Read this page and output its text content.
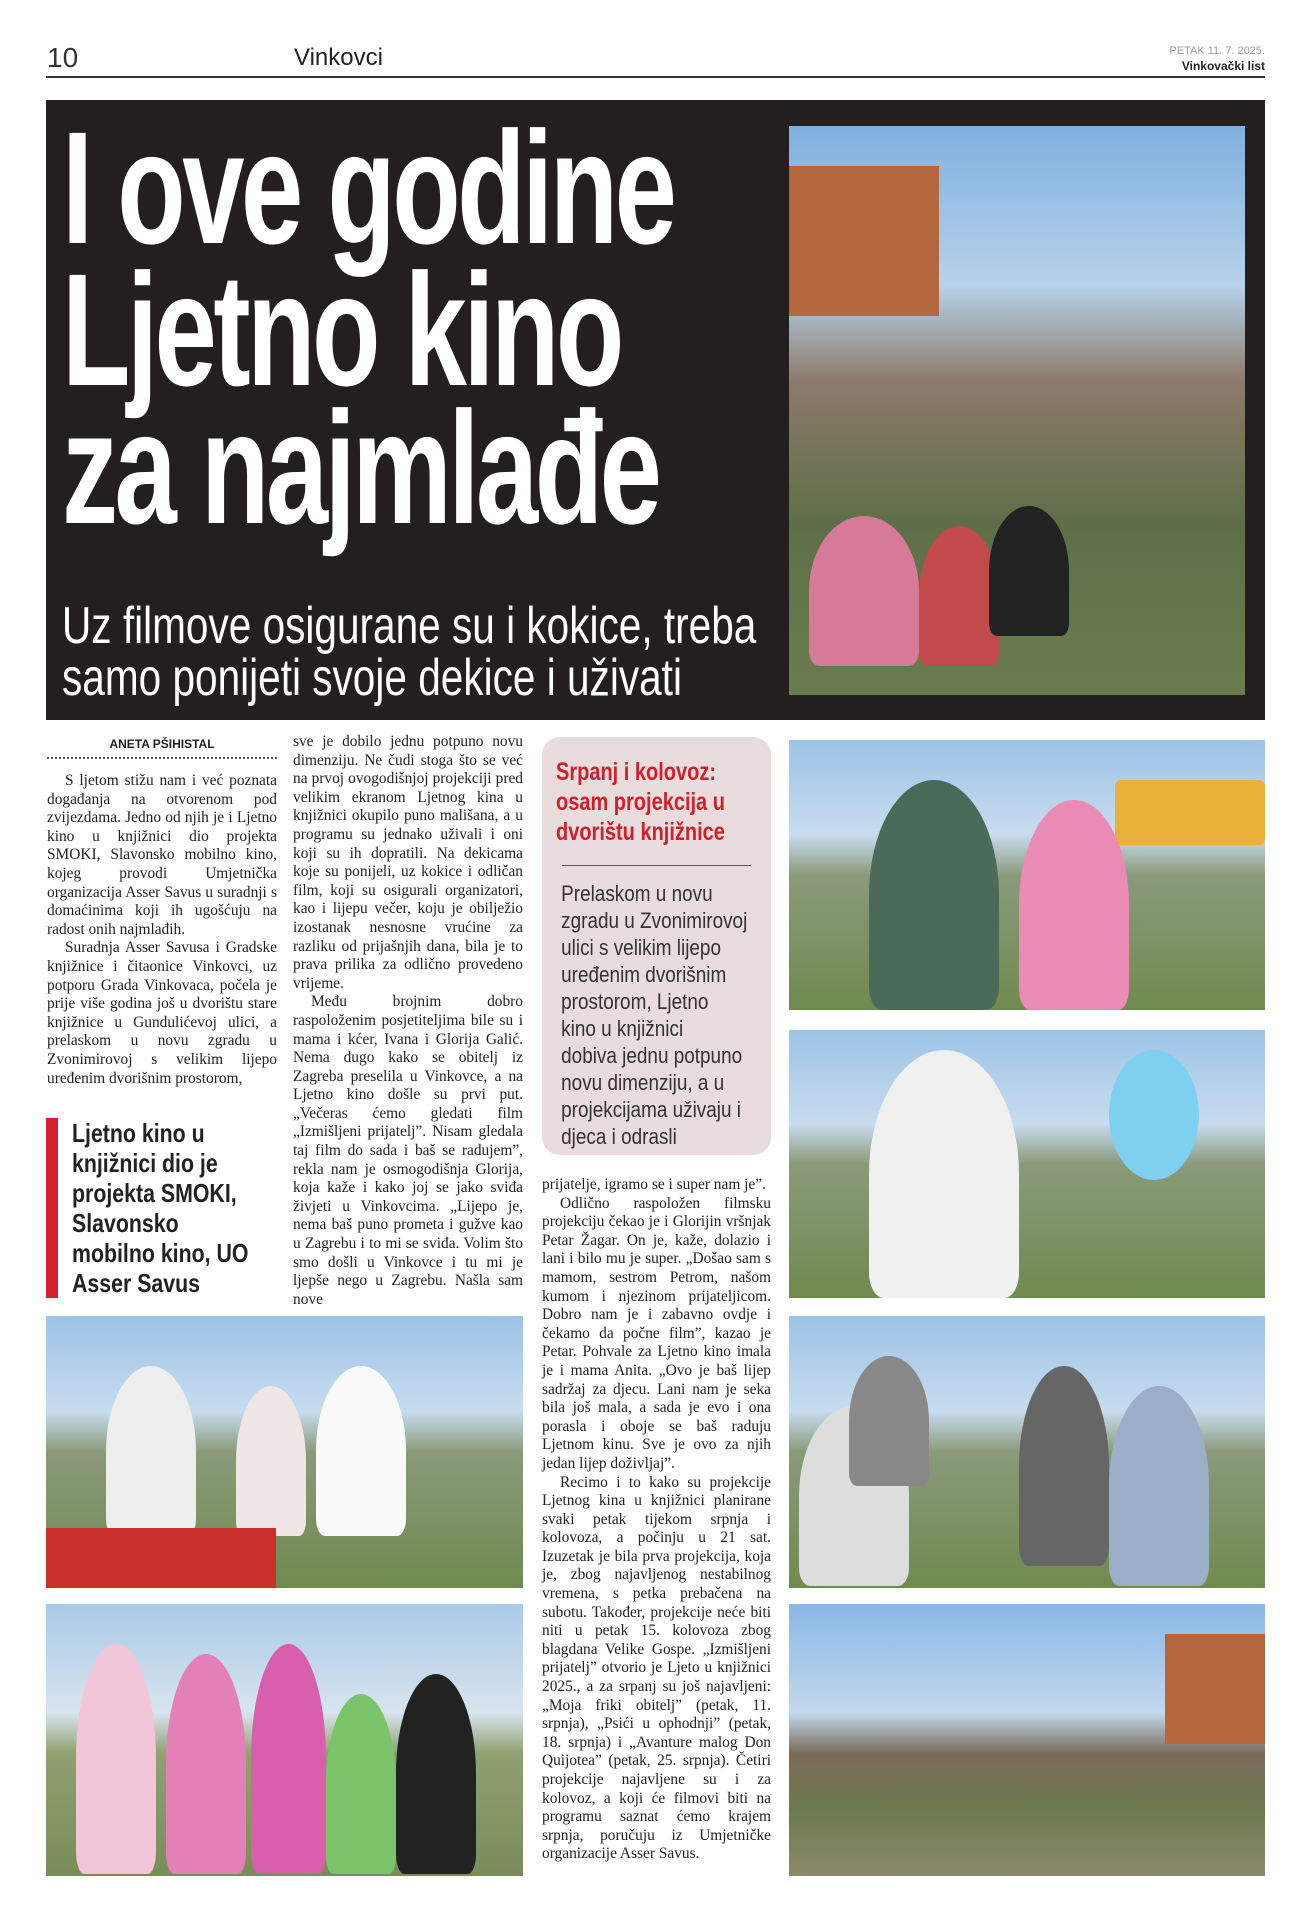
10	Vinkovci	PETAK 11. 7. 2025.
Vinkovački list
I ove godine
Ljetno kino
za najmlađe
Uz filmove osigurane su i kokice, treba
samo ponijeti svoje dekice i uživati
ANETA PŠIHISTAL

S ljetom stižu nam i već poznata događanja na otvorenom pod zvijezdama. Jedno od njih je i Ljetno kino u knjižnici dio projekta SMOKI, Slavonsko mobilno kino, kojeg provodi Umjetnička organizacija Asser Savus u suradnji s domaćinima koji ih ugošćuju na radost onih najmlađih.

Suradnja Asser Savusa i Gradske knjižnice i čitaonice Vinkovci, uz potporu Grada Vinkovaca, počela je prije više godina još u dvorištu stare knjižnice u Gundulićevoj ulici, a prelaskom u novu zgradu u Zvonimirovoj s velikim lijepo uređenim dvorišnim prostorom,

Ljetno kino u
knjižnici dio je
projekta SMOKI,
Slavonsko
mobilno kino, UO
Asser Savus

sve je dobilo jednu potpuno novu dimenziju. Ne čudi stoga što se već na prvoj ovogodišnjoj projekciji pred velikim ekranom Ljetnog kina u knjižnici okupilo puno mališana, a u programu su jednako uživali i oni koji su ih dopratili. Na dekicama koje su ponijeli, uz kokice i odličan film, koji su osigurali organizatori, kao i lijepu večer, koju je obilježio izostanak nesnosne vrućine za razliku od prijašnjih dana, bila je to prava prilika za odlično provedeno vrijeme.

Među brojnim dobro raspoloženim posjetiteljima bile su i mama i kćer, Ivana i Glorija Galić. Nema dugo kako se obitelj iz Zagreba preselila u Vinkovce, a na Ljetno kino došle su prvi put. „Večeras ćemo gledati film „Izmišljeni prijatelj”. Nisam gledala taj film do sada i baš se radujem”, rekla nam je osmogodišnja Glorija, koja kaže i kako joj se jako sviđa živjeti u Vinkovcima. „Lijepo je, nema baš puno prometa i gužve kao u Zagrebu i to mi se sviđa. Volim što smo došli u Vinkovce i tu mi je ljepše nego u Zagrebu. Našla sam nove

Srpanj i kolovoz:
osam projekcija u
dvorištu knjižnice

Prelaskom u novu
zgradu u Zvonimirovoj
ulici s velikim lijepo
uređenim dvorišnim
prostorom, Ljetno
kino u knjižnici
dobiva jednu potpuno
novu dimenziju, a u
projekcijama uživaju i
djeca i odrasli

prijatelje, igramo se i super nam je”.

Odlično raspoložen filmsku projekciju čekao je i Glorijin vršnjak Petar Žagar. On je, kaže, dolazio i lani i bilo mu je super. „Došao sam s mamom, sestrom Petrom, našom kumom i njezinom prijateljicom. Dobro nam je i zabavno ovdje i čekamo da počne film”, kazao je Petar. Pohvale za Ljetno kino imala je i mama Anita. „Ovo je baš lijep sadržaj za djecu. Lani nam je seka bila još mala, a sada je evo i ona porasla i oboje se baš raduju Ljetnom kinu. Sve je ovo za njih jedan lijep doživljaj”.

Recimo i to kako su projekcije Ljetnog kina u knjižnici planirane svaki petak tijekom srpnja i kolovoza, a počinju u 21 sat. Izuzetak je bila prva projekcija, koja je, zbog najavljenog nestabilnog vremena, s petka prebačena na subotu. Također, projekcije neće biti niti u petak 15. kolovoza zbog blagdana Velike Gospe. „Izmišljeni prijatelj” otvorio je Ljeto u knjižnici 2025., a za srpanj su još najavljeni: „Moja friki obitelj” (petak, 11. srpnja), „Psići u ophodnji” (petak, 18. srpnja) i „Avanture malog Don Quijotea” (petak, 25. srpnja). Četiri projekcije najavljene su i za kolovoz, a koji će filmovi biti na programu saznat ćemo krajem srpnja, poručuju iz Umjetničke organizacije Asser Savus.
